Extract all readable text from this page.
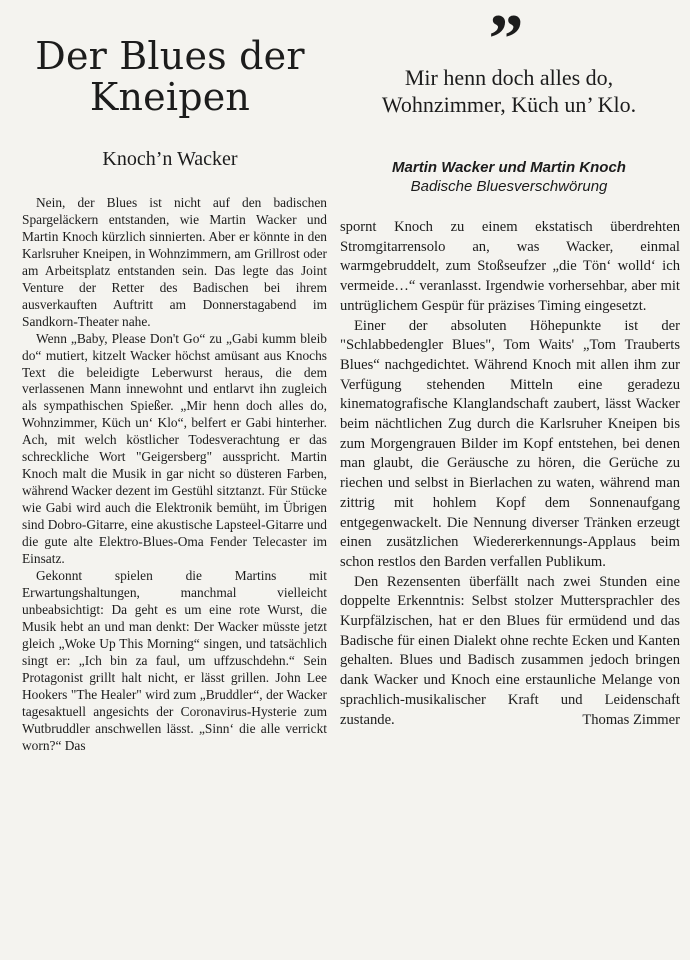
Der Blues der Kneipen
Knoch’n Wacker
”
Mir henn doch alles do, Wohnzimmer, Küch un’ Klo.
Martin Wacker und Martin Knoch
Badische Bluesverschwörung

Nein, der Blues ist nicht auf den badischen Spargeläckern entstanden, wie Martin Wacker und Martin Knoch kürzlich sinnierten. Aber er könnte in den Karlsruher Kneipen, in Wohnzimmern, am Grillrost oder am Arbeitsplatz entstanden sein. Das legte das Joint Venture der Retter des Badischen bei ihrem ausverkauften Auftritt am Donnerstagabend im Sandkorn-Theater nahe.

Wenn „Baby, Please Don't Go“ zu „Gabi kumm bleib do“ mutiert, kitzelt Wacker höchst amüsant aus Knochs Text die beleidigte Leberwurst heraus, die dem verlassenen Mann innewohnt und entlarvt ihn zugleich als sympathischen Spießer. „Mir henn doch alles do, Wohnzimmer, Küch un‘ Klo“, belfert er Gabi hinterher. Ach, mit welch köstlicher Todesverachtung er das schreckliche Wort "Geigersberg" ausspricht. Martin Knoch malt die Musik in gar nicht so düsteren Farben, während Wacker dezent im Gestühl sitztanzt. Für Stücke wie Gabi wird auch die Elektronik bemüht, im Übrigen sind Dobro-Gitarre, eine akustische Lapsteel-Gitarre und die gute alte Elektro-Blues-Oma Fender Telecaster im Einsatz.

Gekonnt spielen die Martins mit Erwartungshaltungen, manchmal vielleicht unbeabsichtigt: Da geht es um eine rote Wurst, die Musik hebt an und man denkt: Der Wacker müsste jetzt gleich „Woke Up This Morning“ singen, und tatsächlich singt er: „Ich bin za faul, um uffzuschdehn.“ Sein Protagonist grillt halt nicht, er lässt grillen. John Lee Hookers "The Healer" wird zum „Bruddler“, der Wacker tagesaktuell angesichts der Coronavirus-Hysterie zum Wutbruddler anschwellen lässt. „Sinn‘ die alle verrickt worn?“ Das

spornt Knoch zu einem ekstatisch überdrehten Stromgitarrensolo an, was Wacker, einmal warmgebruddelt, zum Stoßseufzer „die Tön‘ wolld‘ ich vermeide…“ veranlasst. Irgendwie vorhersehbar, aber mit untrüglichem Gespür für präzises Timing eingesetzt.

Einer der absoluten Höhepunkte ist der "Schlabbedengler Blues", Tom Waits' „Tom Trauberts Blues“ nachgedichtet. Während Knoch mit allen ihm zur Verfügung stehenden Mitteln eine geradezu kinematografische Klanglandschaft zaubert, lässt Wacker beim nächtlichen Zug durch die Karlsruher Kneipen bis zum Morgengrauen Bilder im Kopf entstehen, bei denen man glaubt, die Geräusche zu hören, die Gerüche zu riechen und selbst in Bierlachen zu waten, während man zittrig mit hohlem Kopf dem Sonnenaufgang entgegenwackelt. Die Nennung diverser Tränken erzeugt einen zusätzlichen Wiedererkennungs-Applaus beim schon restlos den Barden verfallen Publikum.

Den Rezensenten überfällt nach zwei Stunden eine doppelte Erkenntnis: Selbst stolzer Muttersprachler des Kurpfälzischen, hat er den Blues für ermüdend und das Badische für einen Dialekt ohne rechte Ecken und Kanten gehalten. Blues und Badisch zusammen jedoch bringen dank Wacker und Knoch eine erstaunliche Melange von sprachlich-musikalischer Kraft und Leidenschaft zustande.	Thomas Zimmer
